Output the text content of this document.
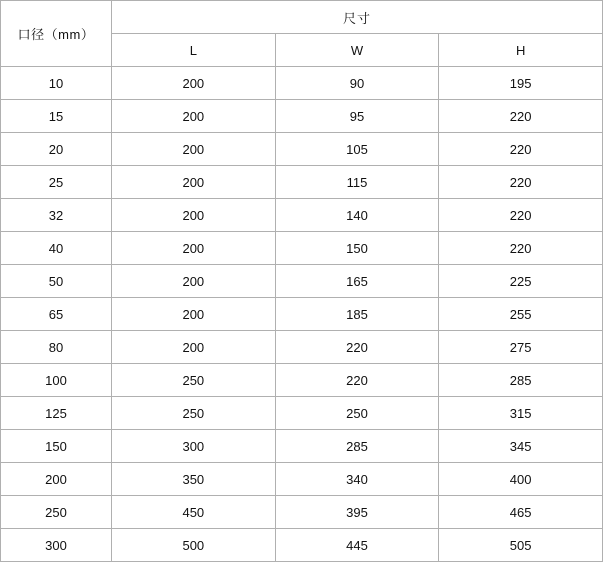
口径（mm）	尺寸		
	L	W	H
10	200	90	195
15	200	95	220
20	200	105	220
25	200	115	220
32	200	140	220
40	200	150	220
50	200	165	225
65	200	185	255
80	200	220	275
100	250	220	285
125	250	250	315
150	300	285	345
200	350	340	400
250	450	395	465
300	500	445	505
